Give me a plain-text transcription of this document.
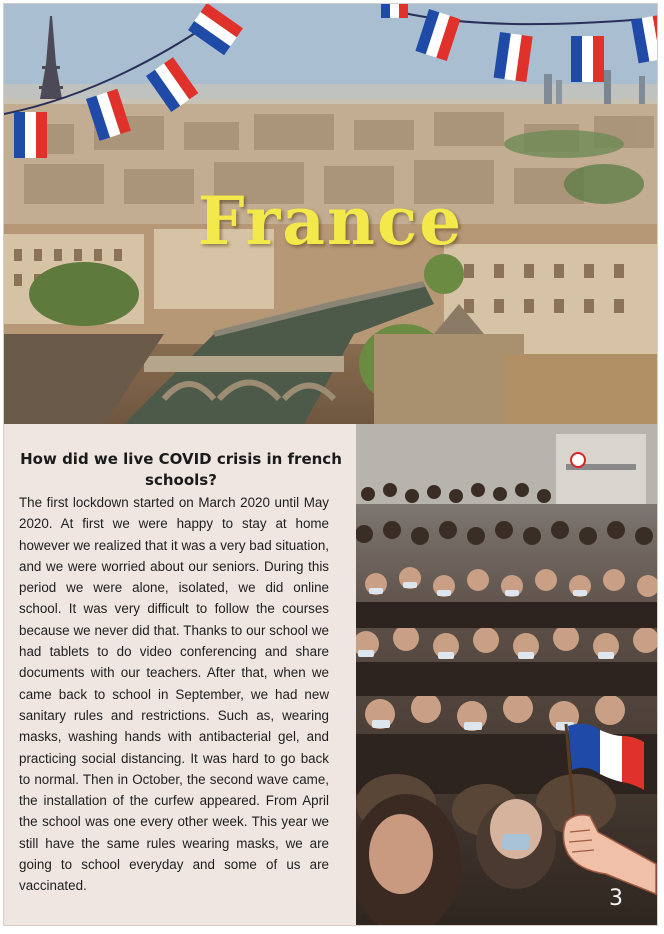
France
How did we live COVID crisis in french schools?

The first lockdown started on March 2020 until May 2020. At first we were happy to stay at home however we realized that it was a very bad situation, and we were worried about our seniors. During this period we were alone, isolated, we did online school. It was very difficult to follow the courses because we never did that. Thanks to our school we had tablets to do video conferencing and share documents with our teachers. After that, when we came back to school in September, we had new sanitary rules and restrictions. Such as, wearing masks, washing hands with antibacterial gel, and practicing social distancing. It was hard to go back to normal. Then in October, the second wave came, the installation of the curfew appeared. From April the school was one every other week. This year we still have the same rules wearing masks, we are going to school everyday and some of us are vaccinated.

3
